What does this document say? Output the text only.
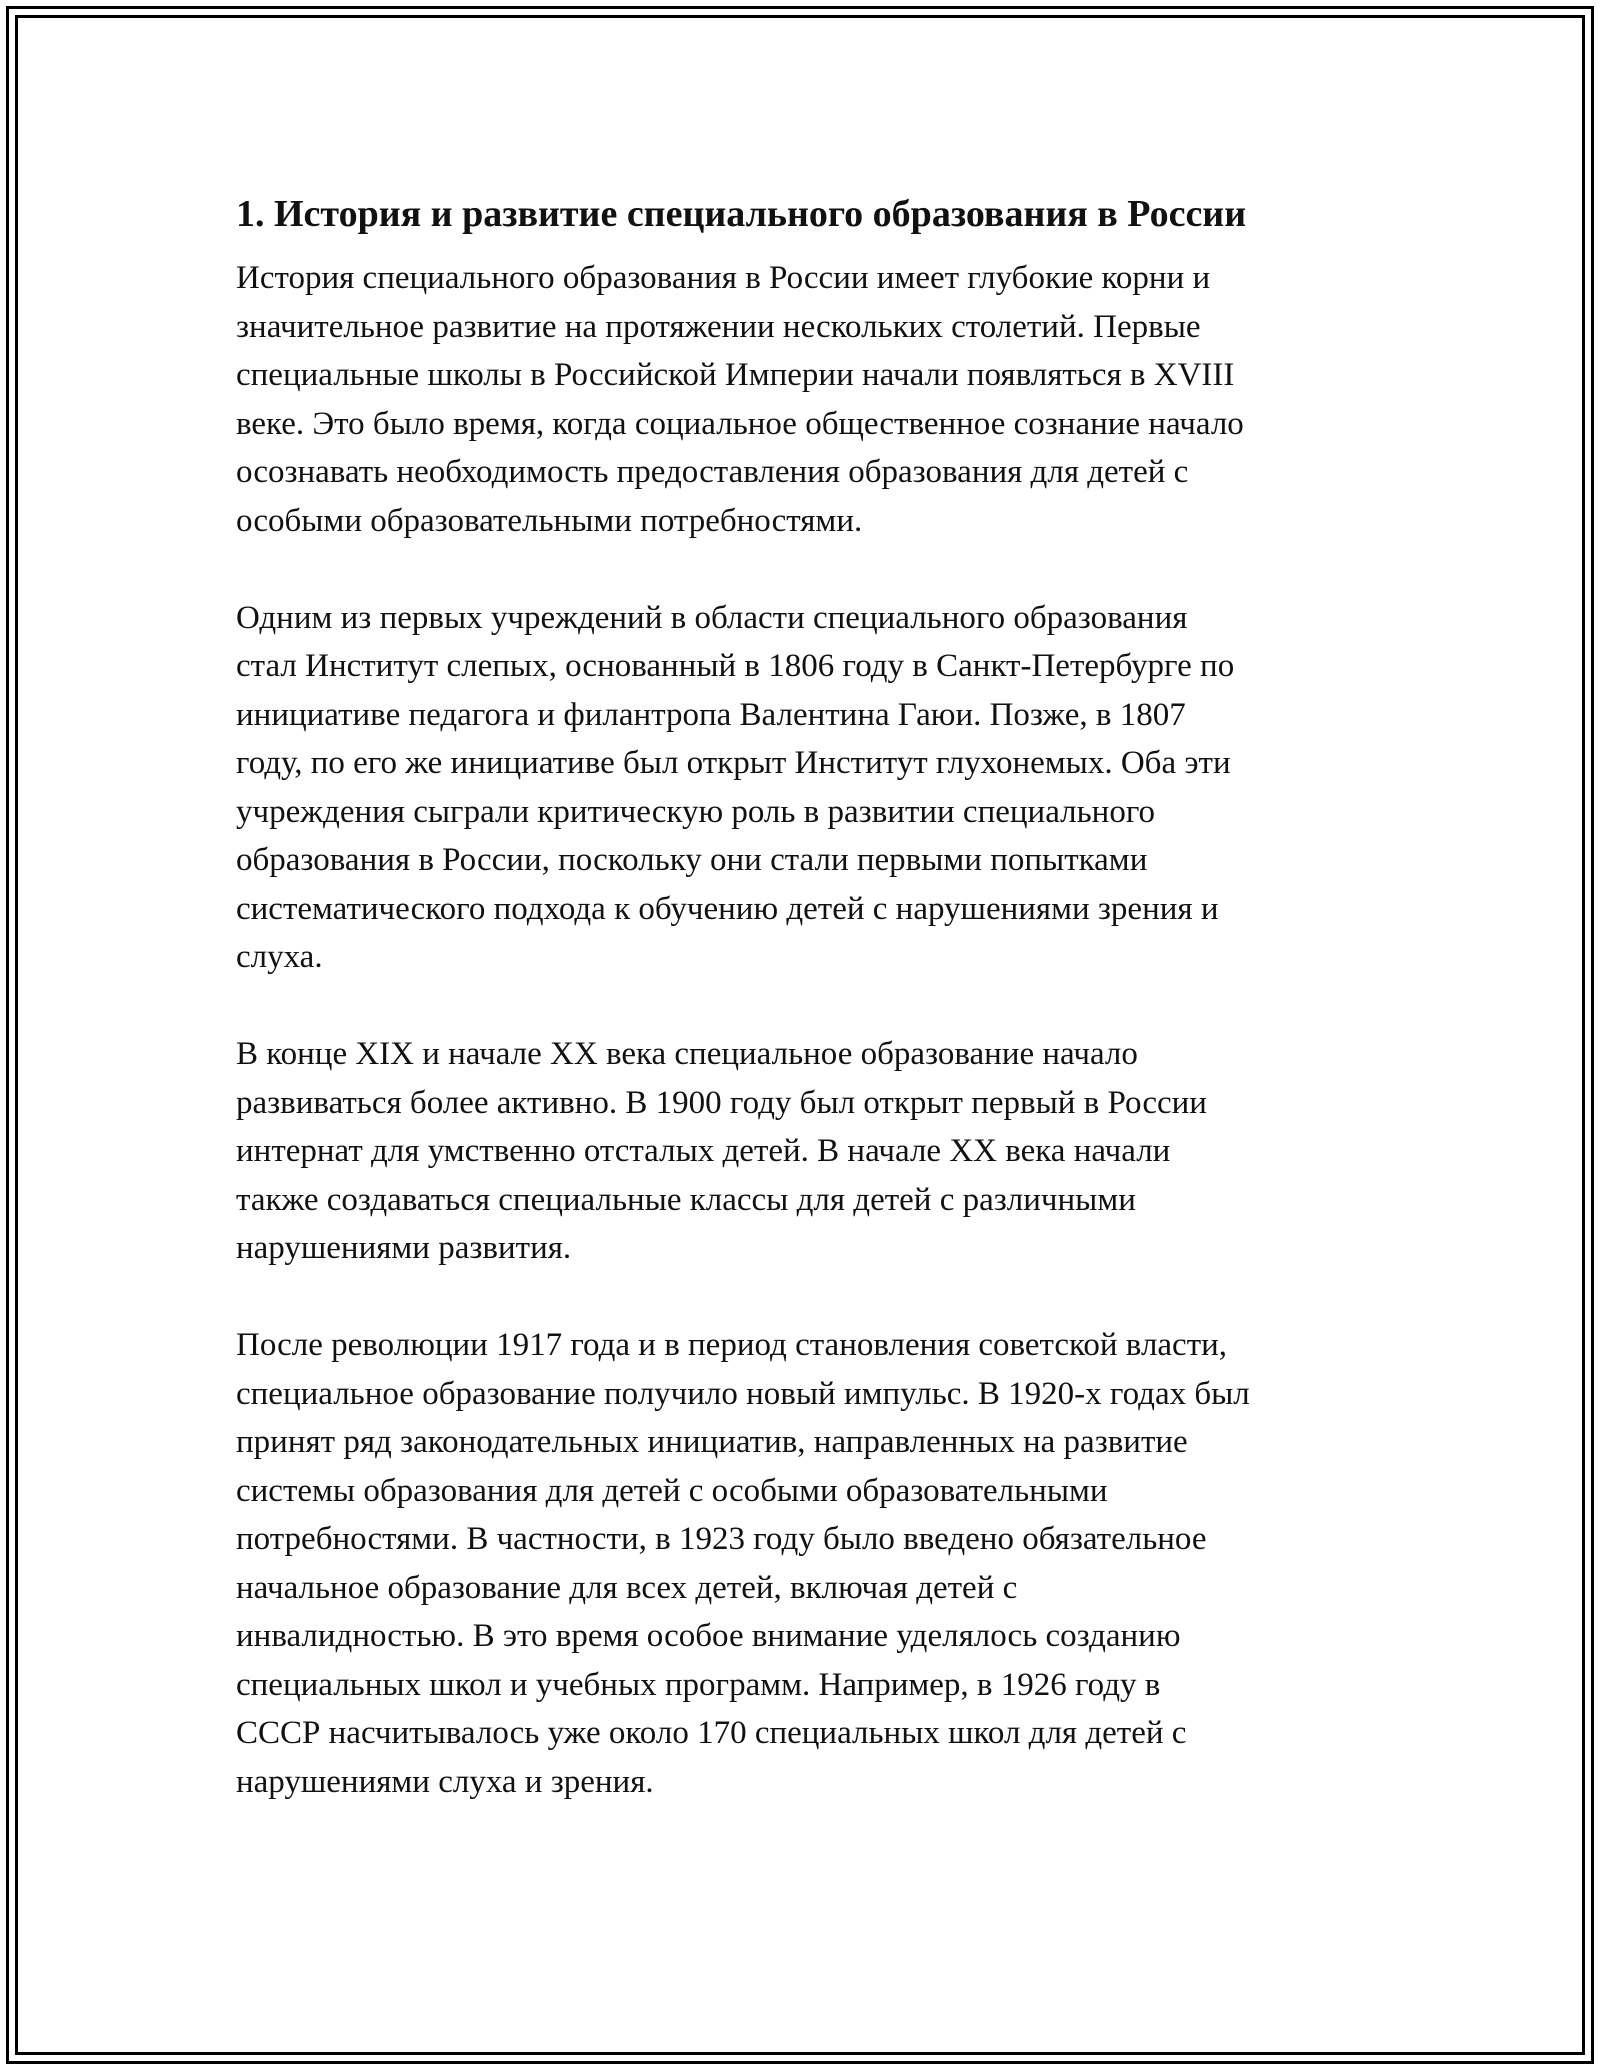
1. История и развитие специального образования в России
История специального образования в России имеет глубокие корни и
значительное развитие на протяжении нескольких столетий. Первые
специальные школы в Российской Империи начали появляться в XVIII
веке. Это было время, когда социальное общественное сознание начало
осознавать необходимость предоставления образования для детей с
особыми образовательными потребностями.
Одним из первых учреждений в области специального образования
стал Институт слепых, основанный в 1806 году в Санкт-Петербурге по
инициативе педагога и филантропа Валентина Гаюи. Позже, в 1807
году, по его же инициативе был открыт Институт глухонемых. Оба эти
учреждения сыграли критическую роль в развитии специального
образования в России, поскольку они стали первыми попытками
систематического подхода к обучению детей с нарушениями зрения и
слуха.
В конце XIX и начале XX века специальное образование начало
развиваться более активно. В 1900 году был открыт первый в России
интернат для умственно отсталых детей. В начале XX века начали
также создаваться специальные классы для детей с различными
нарушениями развития.
После революции 1917 года и в период становления советской власти,
специальное образование получило новый импульс. В 1920-х годах был
принят ряд законодательных инициатив, направленных на развитие
системы образования для детей с особыми образовательными
потребностями. В частности, в 1923 году было введено обязательное
начальное образование для всех детей, включая детей с
инвалидностью. В это время особое внимание уделялось созданию
специальных школ и учебных программ. Например, в 1926 году в
СССР насчитывалось уже около 170 специальных школ для детей с
нарушениями слуха и зрения.
